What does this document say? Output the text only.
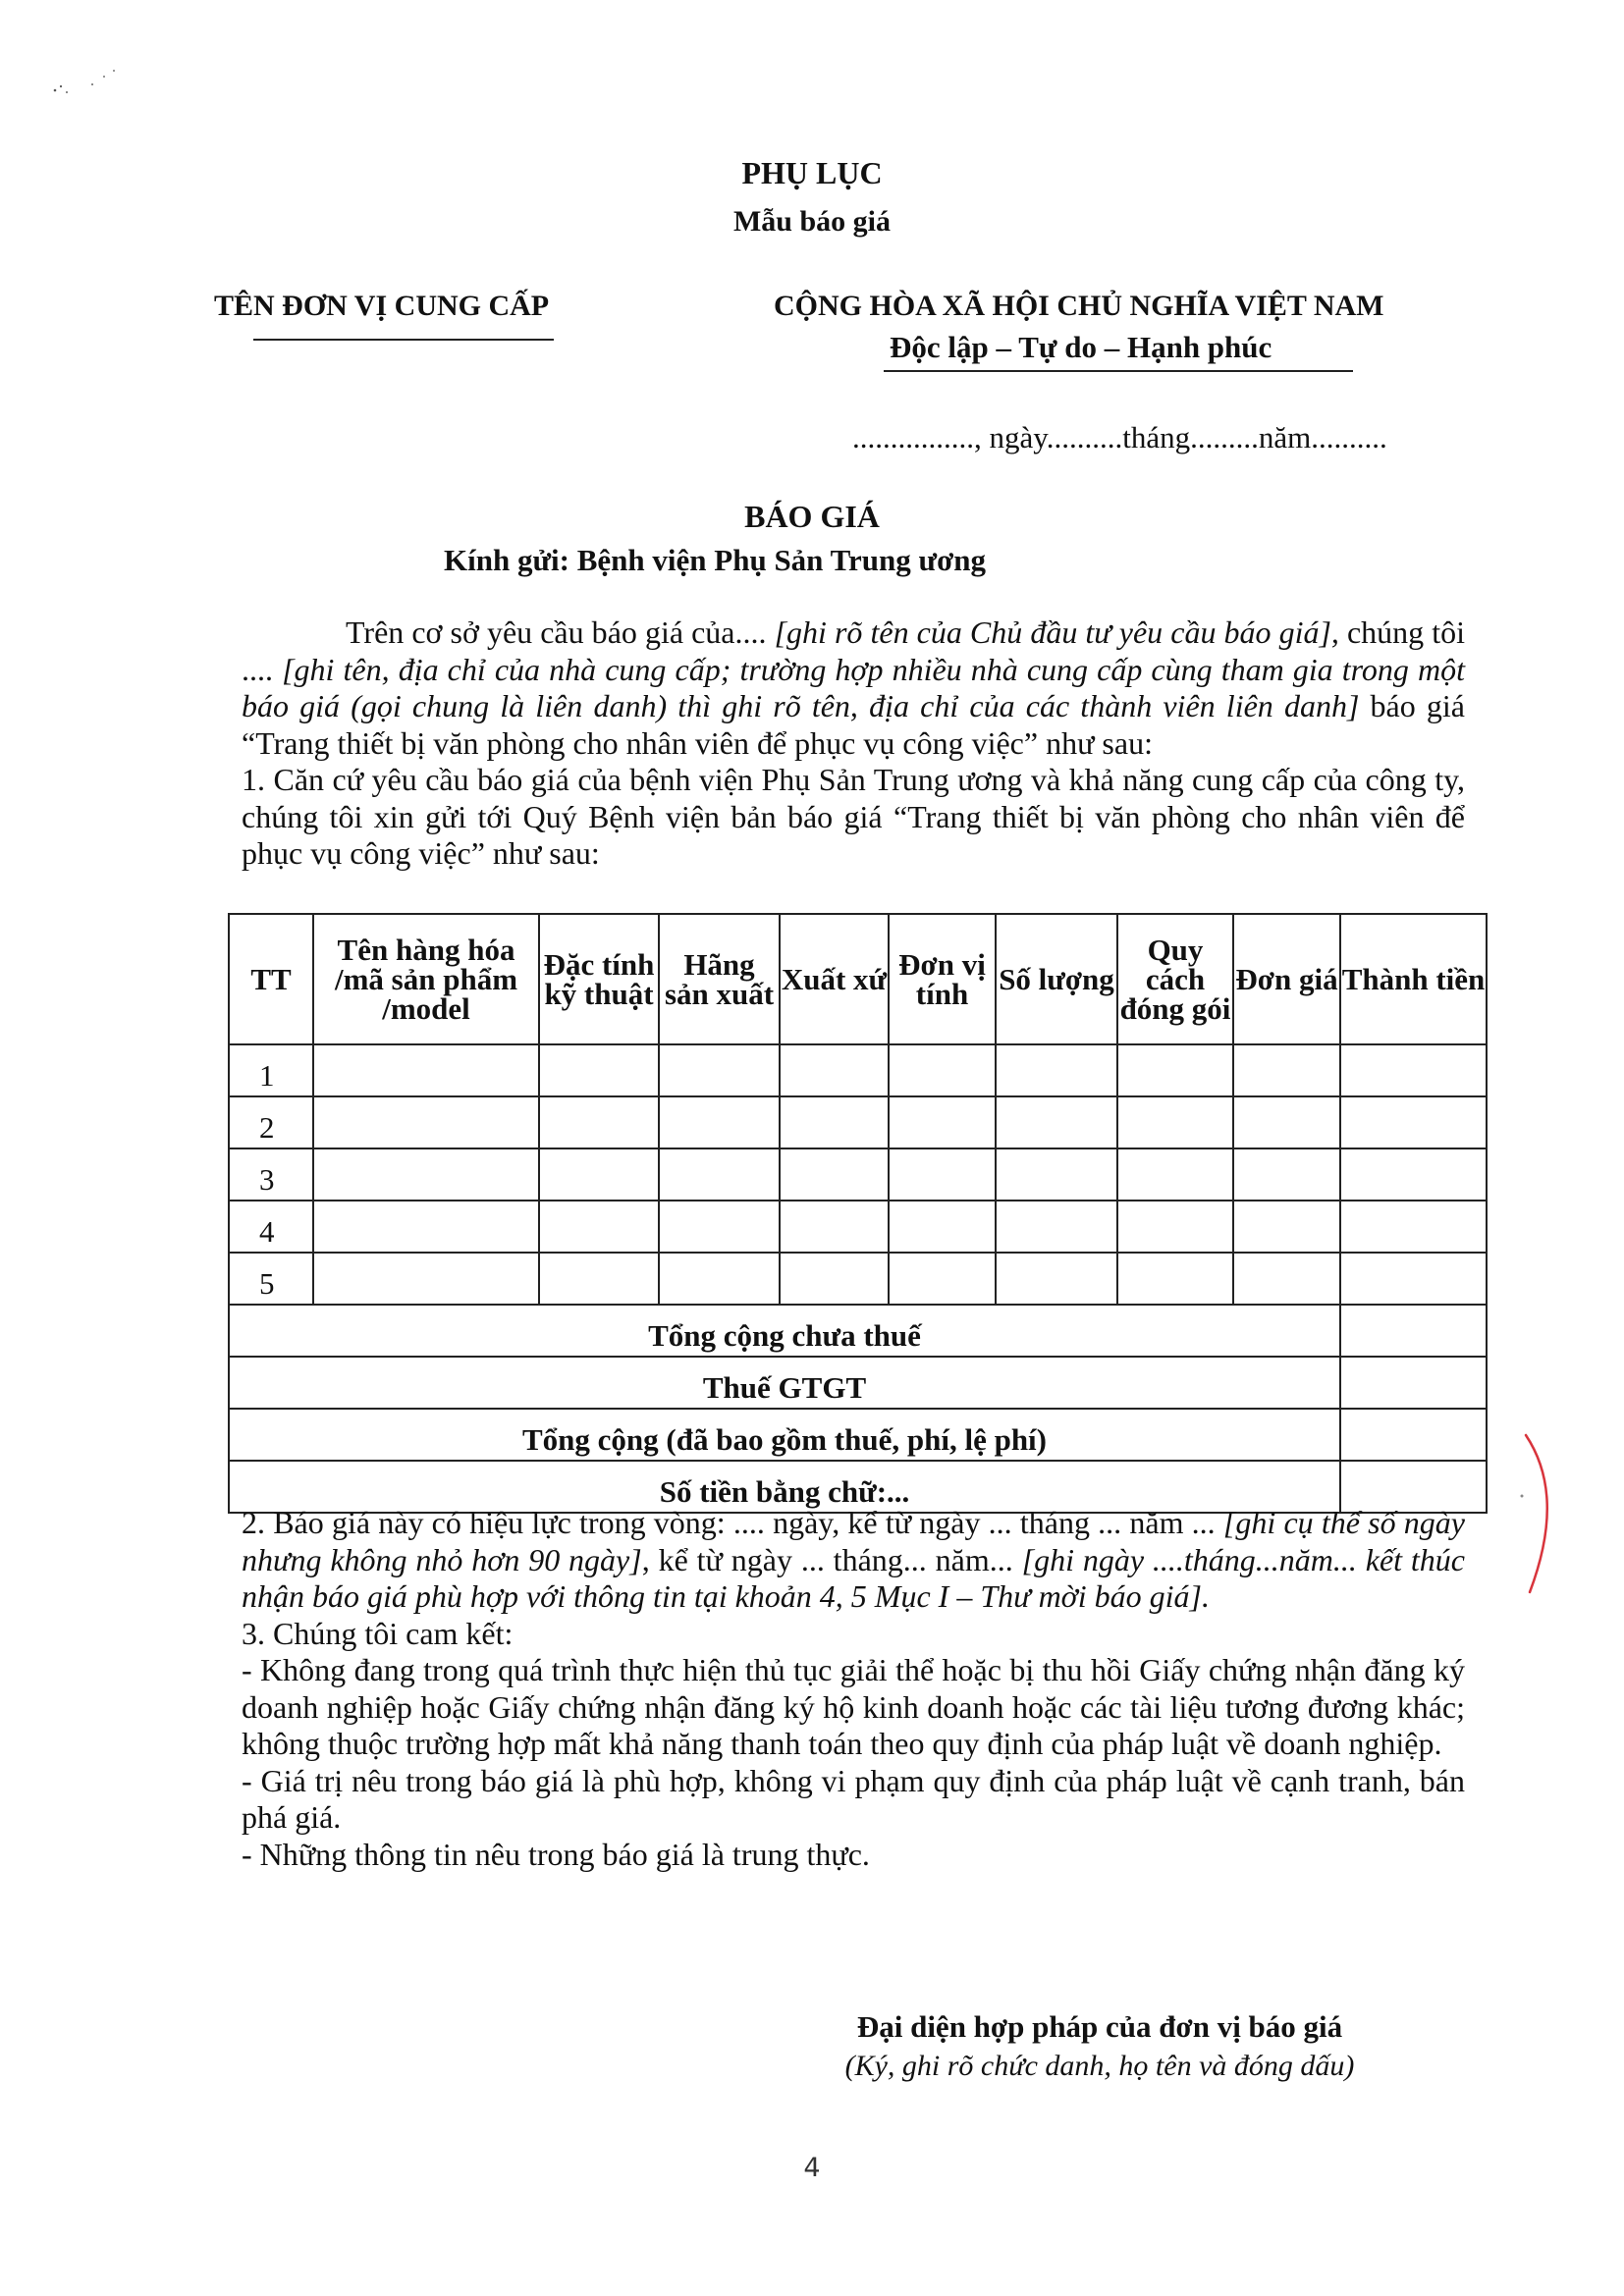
PHỤ LỤC
Mẫu báo giá
TÊN ĐƠN VỊ CUNG CẤP	CỘNG HÒA XÃ HỘI CHỦ NGHĨA VIỆT NAM
Độc lập – Tự do – Hạnh phúc
................, ngày..........tháng.........năm..........
BÁO GIÁ
Kính gửi: Bệnh viện Phụ Sản Trung ương

Trên cơ sở yêu cầu báo giá của.... [ghi rõ tên của Chủ đầu tư yêu cầu báo giá], chúng tôi .... [ghi tên, địa chỉ của nhà cung cấp; trường hợp nhiều nhà cung cấp cùng tham gia trong một báo giá (gọi chung là liên danh) thì ghi rõ tên, địa chỉ của các thành viên liên danh] báo giá “Trang thiết bị văn phòng cho nhân viên để phục vụ công việc” như sau:

1. Căn cứ yêu cầu báo giá của bệnh viện Phụ Sản Trung ương và khả năng cung cấp của công ty, chúng tôi xin gửi tới Quý Bệnh viện bản báo giá “Trang thiết bị văn phòng cho nhân viên để phục vụ công việc” như sau:

TT	Tên hàng hóa /mã sản phẩm /model	Đặc tính kỹ thuật	Hãng sản xuất	Xuất xứ	Đơn vị tính	Số lượng	Quy cách đóng gói	Đơn giá	Thành tiền
1									
2									
3									
4									
5									
Tổng cộng chưa thuế									
Thuế GTGT									
Tổng cộng (đã bao gồm thuế, phí, lệ phí)									
Số tiền bằng chữ:...									

2. Báo giá này có hiệu lực trong vòng: .... ngày, kể từ ngày ... tháng ... năm ... [ghi cụ thể số ngày nhưng không nhỏ hơn 90 ngày], kể từ ngày ... tháng... năm... [ghi ngày ....tháng...năm... kết thúc nhận báo giá phù hợp với thông tin tại khoản 4, 5 Mục I – Thư mời báo giá].

3. Chúng tôi cam kết:

- Không đang trong quá trình thực hiện thủ tục giải thể hoặc bị thu hồi Giấy chứng nhận đăng ký doanh nghiệp hoặc Giấy chứng nhận đăng ký hộ kinh doanh hoặc các tài liệu tương đương khác; không thuộc trường hợp mất khả năng thanh toán theo quy định của pháp luật về doanh nghiệp.

- Giá trị nêu trong báo giá là phù hợp, không vi phạm quy định của pháp luật về cạnh tranh, bán phá giá.

- Những thông tin nêu trong báo giá là trung thực.

Đại diện hợp pháp của đơn vị báo giá
(Ký, ghi rõ chức danh, họ tên và đóng dấu)
4
